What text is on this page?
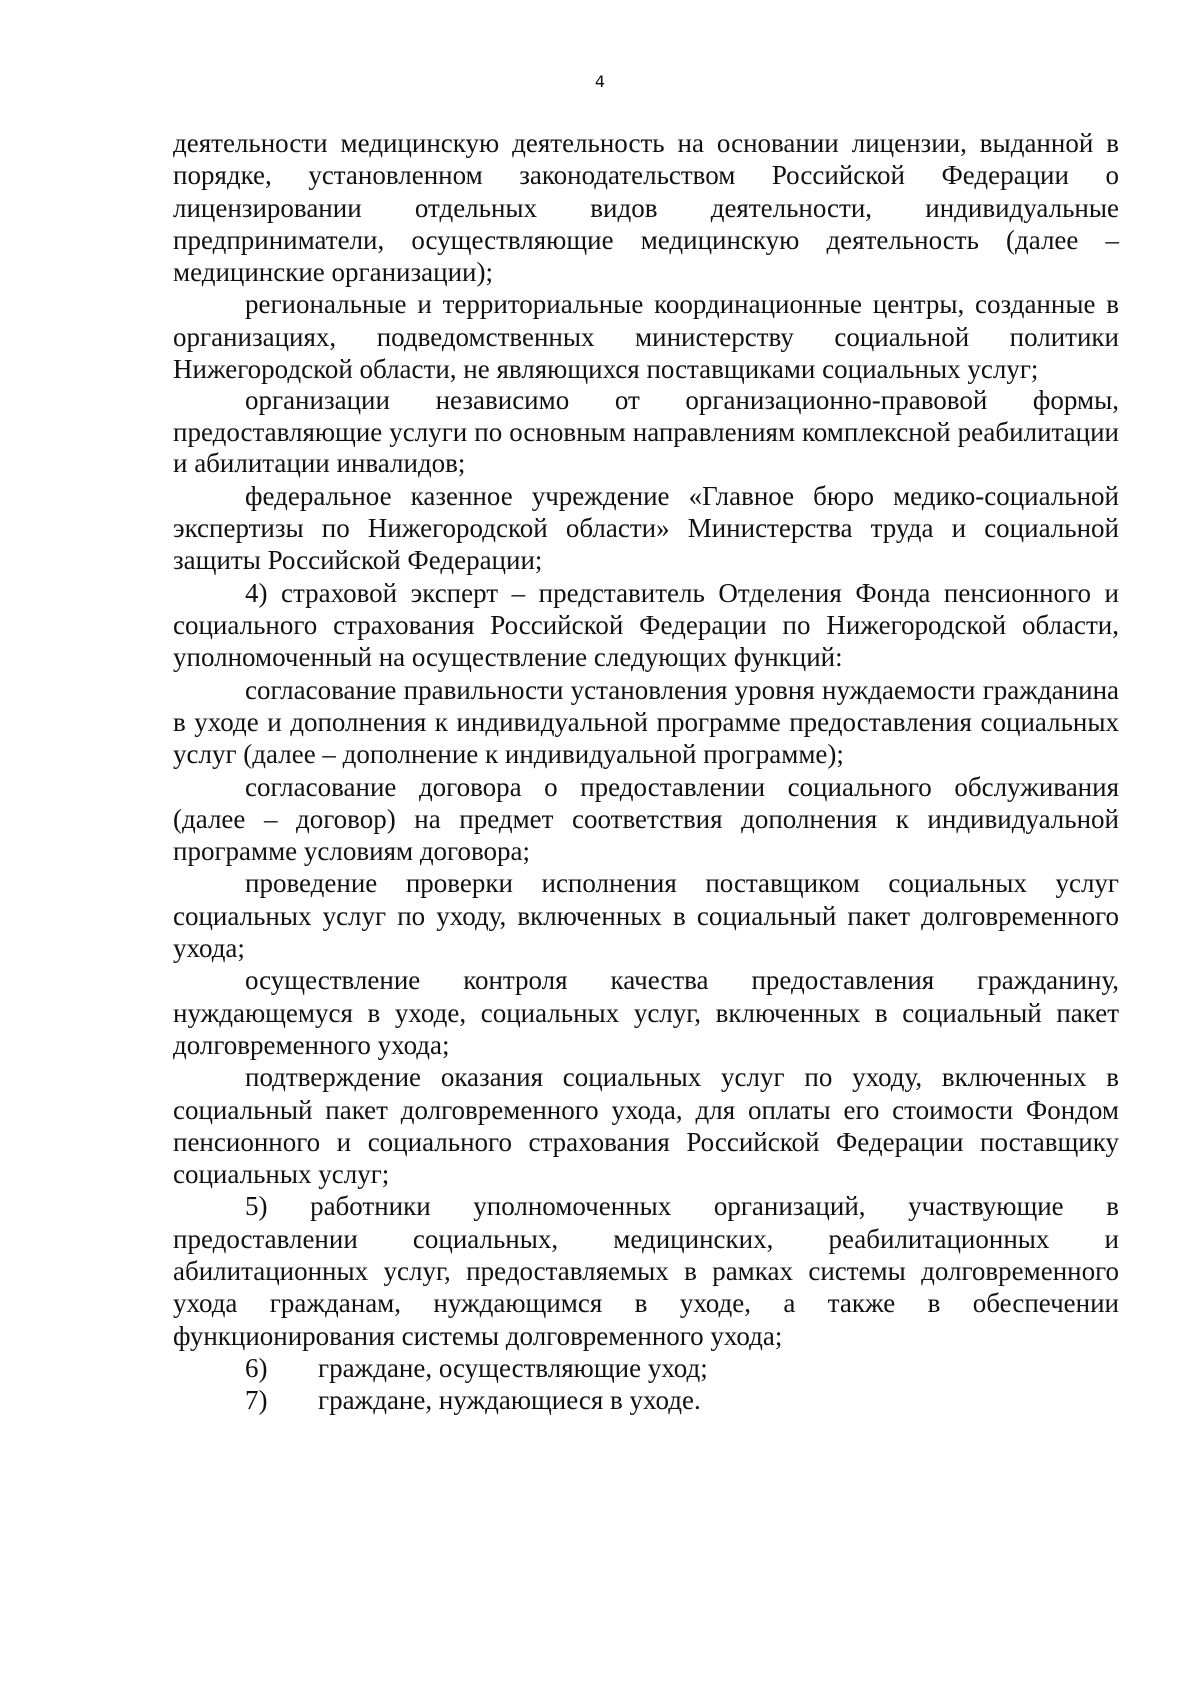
4

деятельности медицинскую деятельность на основании лицензии, выданной в порядке, установленном законодательством Российской Федерации о лицензировании отдельных видов деятельности, индивидуальные предприниматели, осуществляющие медицинскую деятельность (далее – медицинские организации);

региональные и территориальные координационные центры, созданные в организациях, подведомственных министерству социальной политики Нижегородской области, не являющихся поставщиками социальных услуг;

организации независимо от организационно-правовой формы, предоставляющие услуги по основным направлениям комплексной реабилитации и абилитации инвалидов;

федеральное казенное учреждение «Главное бюро медико-социальной экспертизы по Нижегородской области» Министерства труда и социальной защиты Российской Федерации;

4) страховой эксперт – представитель Отделения Фонда пенсионного и социального страхования Российской Федерации по Нижегородской области, уполномоченный на осуществление следующих функций:

согласование правильности установления уровня нуждаемости гражданина в уходе и дополнения к индивидуальной программе предоставления социальных услуг (далее – дополнение к индивидуальной программе);

согласование договора о предоставлении социального обслуживания (далее – договор) на предмет соответствия дополнения к индивидуальной программе условиям договора;

проведение проверки исполнения поставщиком социальных услуг социальных услуг по уходу, включенных в социальный пакет долговременного ухода;

осуществление контроля качества предоставления гражданину, нуждающемуся в уходе, социальных услуг, включенных в социальный пакет долговременного ухода;

подтверждение оказания социальных услуг по уходу, включенных в социальный пакет долговременного ухода, для оплаты его стоимости Фондом пенсионного и социального страхования Российской Федерации поставщику социальных услуг;

5) работники уполномоченных организаций, участвующие в предоставлении социальных, медицинских, реабилитационных и абилитационных услуг, предоставляемых в рамках системы долговременного ухода гражданам, нуждающимся в уходе, а также в обеспечении функционирования системы долговременного ухода;

6)	граждане, осуществляющие уход;
7)	граждане, нуждающиеся в уходе.
